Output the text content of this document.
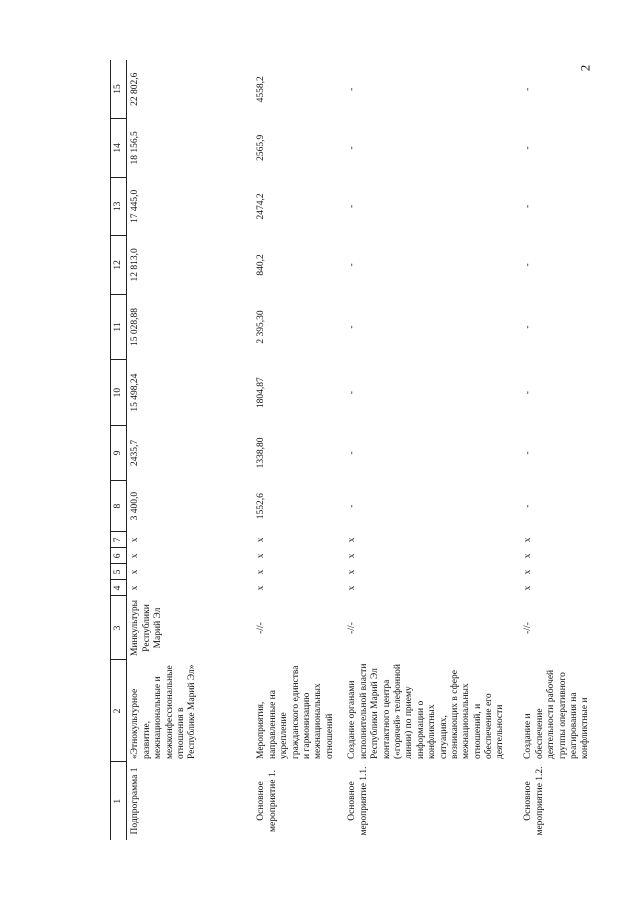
2
1	2	3	4	5	6	7	8	9	10	11	12	13	14	15
Подпрограмма 1	«Этнокультурное развитие, межнациональные и межконфессиональные отношения в Республике Марий Эл»	Минкультуры Республики Марий Эл	x	x	x	x	3 400,0	2435,7	15 498,24	15 028,88	12 813,0	17 445,0	18 156,5	22 802,6
Основное мероприятие 1.	Мероприятия, направленные на укрепление гражданского единства и гармонизацию межнациональных отношений	-//-	x	x	x	x	1552,6	1338,80	1804,87	2 395,30	840,2	2474,2	2565,9	4558,2
Основное мероприятие 1.1.	Создание органами исполнительной власти Республики Марий Эл контактного центра («горячей» телефонной линии) по приему информации о конфликтных ситуациях, возникающих в сфере межнациональных отношений, и обеспечение его деятельности	-//-	x	x	x	x	-	-	-	-	-	-	-	-
Основное мероприятие 1.2.	Создание и обеспечение деятельности рабочей группы оперативного реагирования на конфликтные и	-//-	x	x	x	x	-	-	-	-	-	-	-	-
